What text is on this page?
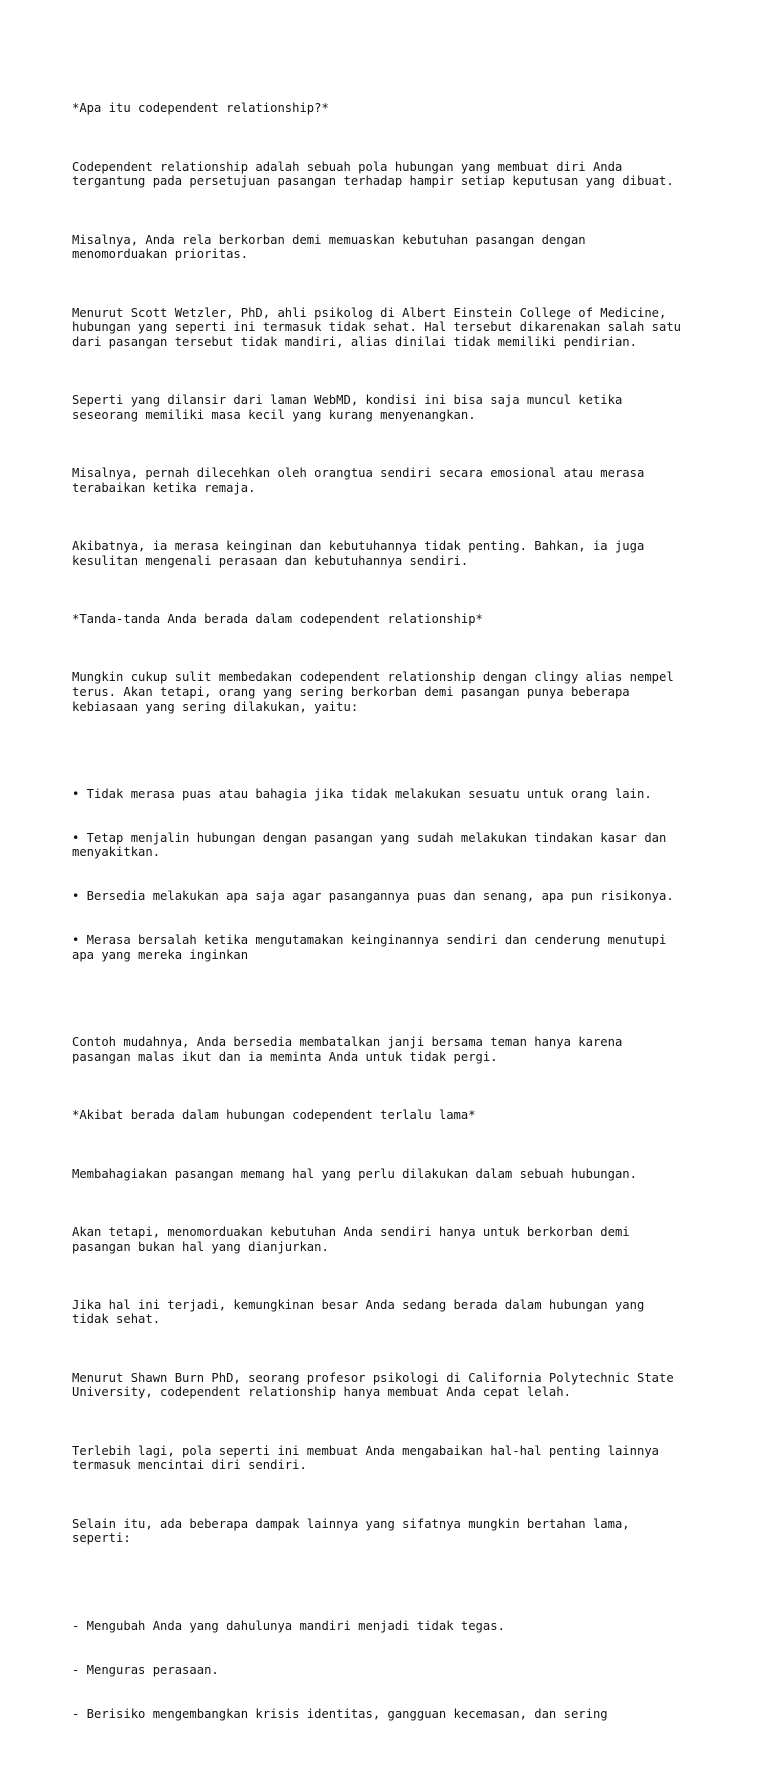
*Apa itu codependent relationship?*

Codependent relationship adalah sebuah pola hubungan yang membuat diri Anda
tergantung pada persetujuan pasangan terhadap hampir setiap keputusan yang dibuat.

Misalnya, Anda rela berkorban demi memuaskan kebutuhan pasangan dengan
menomorduakan prioritas.

Menurut Scott Wetzler, PhD, ahli psikolog di Albert Einstein College of Medicine,
hubungan yang seperti ini termasuk tidak sehat. Hal tersebut dikarenakan salah satu
dari pasangan tersebut tidak mandiri, alias dinilai tidak memiliki pendirian.

Seperti yang dilansir dari laman WebMD, kondisi ini bisa saja muncul ketika
seseorang memiliki masa kecil yang kurang menyenangkan.

Misalnya, pernah dilecehkan oleh orangtua sendiri secara emosional atau merasa
terabaikan ketika remaja.

Akibatnya, ia merasa keinginan dan kebutuhannya tidak penting. Bahkan, ia juga
kesulitan mengenali perasaan dan kebutuhannya sendiri.

*Tanda-tanda Anda berada dalam codependent relationship*

Mungkin cukup sulit membedakan codependent relationship dengan clingy alias nempel
terus. Akan tetapi, orang yang sering berkorban demi pasangan punya beberapa
kebiasaan yang sering dilakukan, yaitu:

• Tidak merasa puas atau bahagia jika tidak melakukan sesuatu untuk orang lain.

• Tetap menjalin hubungan dengan pasangan yang sudah melakukan tindakan kasar dan
menyakitkan.

• Bersedia melakukan apa saja agar pasangannya puas dan senang, apa pun risikonya.

• Merasa bersalah ketika mengutamakan keinginannya sendiri dan cenderung menutupi
apa yang mereka inginkan

Contoh mudahnya, Anda bersedia membatalkan janji bersama teman hanya karena
pasangan malas ikut dan ia meminta Anda untuk tidak pergi.

*Akibat berada dalam hubungan codependent terlalu lama*

Membahagiakan pasangan memang hal yang perlu dilakukan dalam sebuah hubungan.

Akan tetapi, menomorduakan kebutuhan Anda sendiri hanya untuk berkorban demi
pasangan bukan hal yang dianjurkan.

Jika hal ini terjadi, kemungkinan besar Anda sedang berada dalam hubungan yang
tidak sehat.

Menurut Shawn Burn PhD, seorang profesor psikologi di California Polytechnic State
University, codependent relationship hanya membuat Anda cepat lelah.

Terlebih lagi, pola seperti ini membuat Anda mengabaikan hal-hal penting lainnya
termasuk mencintai diri sendiri.

Selain itu, ada beberapa dampak lainnya yang sifatnya mungkin bertahan lama,
seperti:

- Mengubah Anda yang dahulunya mandiri menjadi tidak tegas.

- Menguras perasaan.

- Berisiko mengembangkan krisis identitas, gangguan kecemasan, dan sering
